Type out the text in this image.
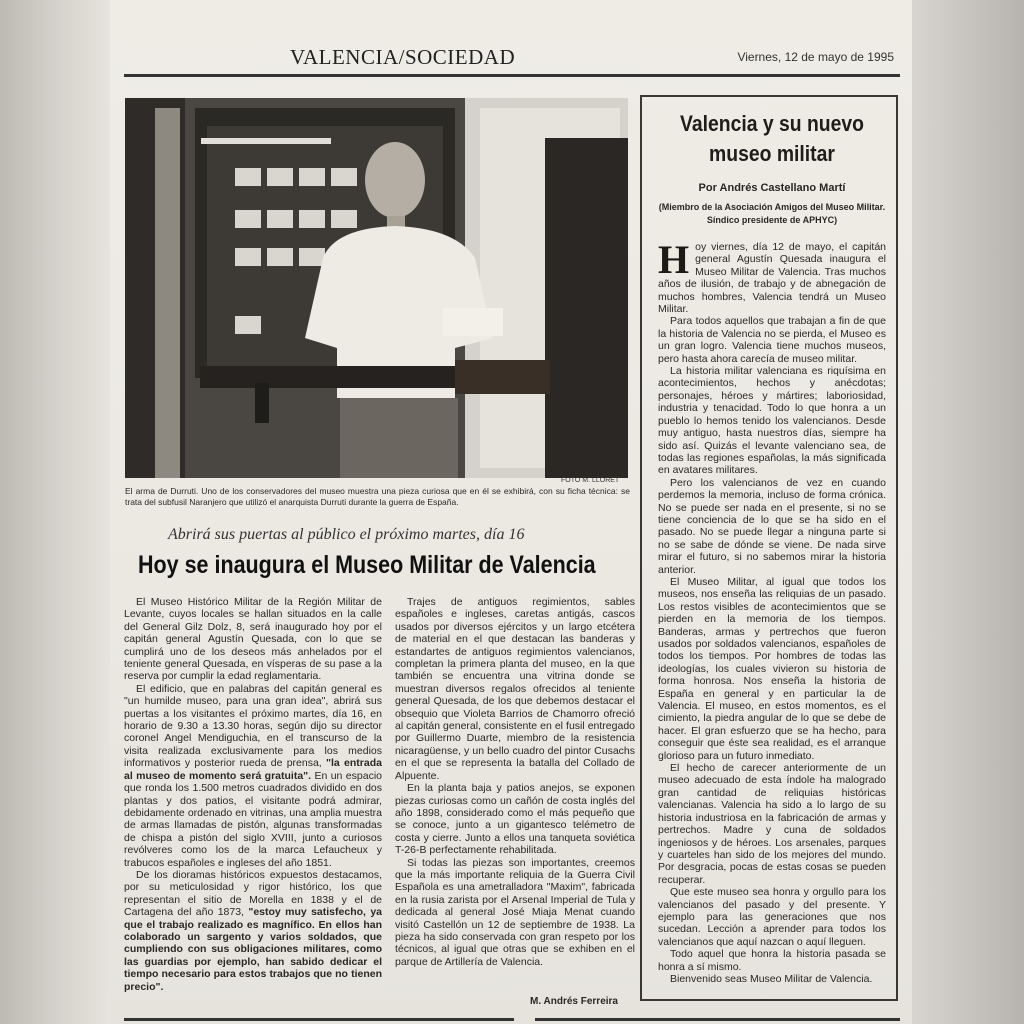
VALENCIA/SOCIEDAD	Viernes, 12 de mayo de 1995
FOTO M. LLORET
El arma de Durruti. Uno de los conservadores del museo muestra una pieza curiosa que en él se exhibirá, con su ficha técnica: se trata del subfusil Naranjero que utilizó el anarquista Durruti durante la guerra de España.
Abrirá sus puertas al público el próximo martes, día 16
Hoy se inaugura el Museo Militar de Valencia

El Museo Histórico Militar de la Región Militar de Levante, cuyos locales se hallan situados en la calle del General Gilz Dolz, 8, será inaugurado hoy por el capitán general Agustín Quesada, con lo que se cumplirá uno de los deseos más anhelados por el teniente general Quesada, en vísperas de su pase a la reserva por cumplir la edad reglamentaria.

El edificio, que en palabras del capitán general es "un humilde museo, para una gran idea", abrirá sus puertas a los visitantes el próximo martes, día 16, en horario de 9.30 a 13.30 horas, según dijo su director coronel Angel Mendiguchia, en el transcurso de la visita realizada exclusivamente para los medios informativos y posterior rueda de prensa, "la entrada al museo de momento será gratuita". En un espacio que ronda los 1.500 metros cuadrados dividido en dos plantas y dos patios, el visitante podrá admirar, debidamente ordenado en vitrinas, una amplia muestra de armas llamadas de pistón, algunas transformadas de chispa a pistón del siglo XVIII, junto a curiosos revólveres como los de la marca Lefaucheux y trabucos españoles e ingleses del año 1851.

De los dioramas históricos expuestos destacamos, por su meticulosidad y rigor histórico, los que representan el sitio de Morella en 1838 y el de Cartagena del año 1873, "estoy muy satisfecho, ya que el trabajo realizado es magnífico. En ellos han colaborado un sargento y varios soldados, que cumpliendo con sus obligaciones militares, como las guardias por ejemplo, han sabido dedicar el tiempo necesario para estos trabajos que no tienen precio".

Trajes de antiguos regimientos, sables españoles e ingleses, caretas antigás, cascos usados por diversos ejércitos y un largo etcétera de material en el que destacan las banderas y estandartes de antiguos regimientos valencianos, completan la primera planta del museo, en la que también se encuentra una vitrina donde se muestran diversos regalos ofrecidos al teniente general Quesada, de los que debemos destacar el obsequio que Violeta Barrios de Chamorro ofreció al capitán general, consistente en el fusil entregado por Guillermo Duarte, miembro de la resistencia nicaragüense, y un bello cuadro del pintor Cusachs en el que se representa la batalla del Collado de Alpuente.

En la planta baja y patios anejos, se exponen piezas curiosas como un cañón de costa inglés del año 1898, considerado como el más pequeño que se conoce, junto a un gigantesco telémetro de costa y cierre. Junto a ellos una tanqueta soviética T-26-B perfectamente rehabilitada.

Si todas las piezas son importantes, creemos que la más importante reliquia de la Guerra Civil Española es una ametralladora "Maxim", fabricada en la rusia zarista por el Arsenal Imperial de Tula y dedicada al general José Miaja Menat cuando visitó Castellón un 12 de septiembre de 1938. La pieza ha sido conservada con gran respeto por los técnicos, al igual que otras que se exhiben en el parque de Artillería de Valencia.

M. Andrés Ferreira
Valencia y su nuevo museo militar
Por Andrés Castellano Martí
(Miembro de la Asociación Amigos del Museo Militar. Síndico presidente de APHYC)

Hoy viernes, día 12 de mayo, el capitán general Agustín Quesada inaugura el Museo Militar de Valencia. Tras muchos años de ilusión, de trabajo y de abnegación de muchos hombres, Valencia tendrá un Museo Militar.

Para todos aquellos que trabajan a fin de que la historia de Valencia no se pierda, el Museo es un gran logro. Valencia tiene muchos museos, pero hasta ahora carecía de museo militar.

La historia militar valenciana es riquísima en acontecimientos, hechos y anécdotas; personajes, héroes y mártires; laboriosidad, industria y tenacidad. Todo lo que honra a un pueblo lo hemos tenido los valencianos. Desde muy antiguo, hasta nuestros días, siempre ha sido así. Quizás el levante valenciano sea, de todas las regiones españolas, la más significada en avatares militares.

Pero los valencianos de vez en cuando perdemos la memoria, incluso de forma crónica. No se puede ser nada en el presente, si no se tiene conciencia de lo que se ha sido en el pasado. No se puede llegar a ninguna parte si no se sabe de dónde se viene. De nada sirve mirar el futuro, si no sabemos mirar la historia anterior.

El Museo Militar, al igual que todos los museos, nos enseña las reliquias de un pasado. Los restos visibles de acontecimientos que se pierden en la memoria de los tiempos. Banderas, armas y pertrechos que fueron usados por soldados valencianos, españoles de todos los tiempos. Por hombres de todas las ideologías, los cuales vivieron su historia de forma honrosa. Nos enseña la historia de España en general y en particular la de Valencia. El museo, en estos momentos, es el cimiento, la piedra angular de lo que se debe de hacer. El gran esfuerzo que se ha hecho, para conseguir que éste sea realidad, es el arranque glorioso para un futuro inmediato.

El hecho de carecer anteriormente de un museo adecuado de esta índole ha malogrado gran cantidad de reliquias históricas valencianas. Valencia ha sido a lo largo de su historia industriosa en la fabricación de armas y pertrechos. Madre y cuna de soldados ingeniosos y de héroes. Los arsenales, parques y cuarteles han sido de los mejores del mundo. Por desgracia, pocas de estas cosas se pueden recuperar.

Que este museo sea honra y orgullo para los valencianos del pasado y del presente. Y ejemplo para las generaciones que nos sucedan. Lección a aprender para todos los valencianos que aquí nazcan o aquí lleguen.

Todo aquel que honra la historia pasada se honra a sí mismo.

Bienvenido seas Museo Militar de Valencia.
